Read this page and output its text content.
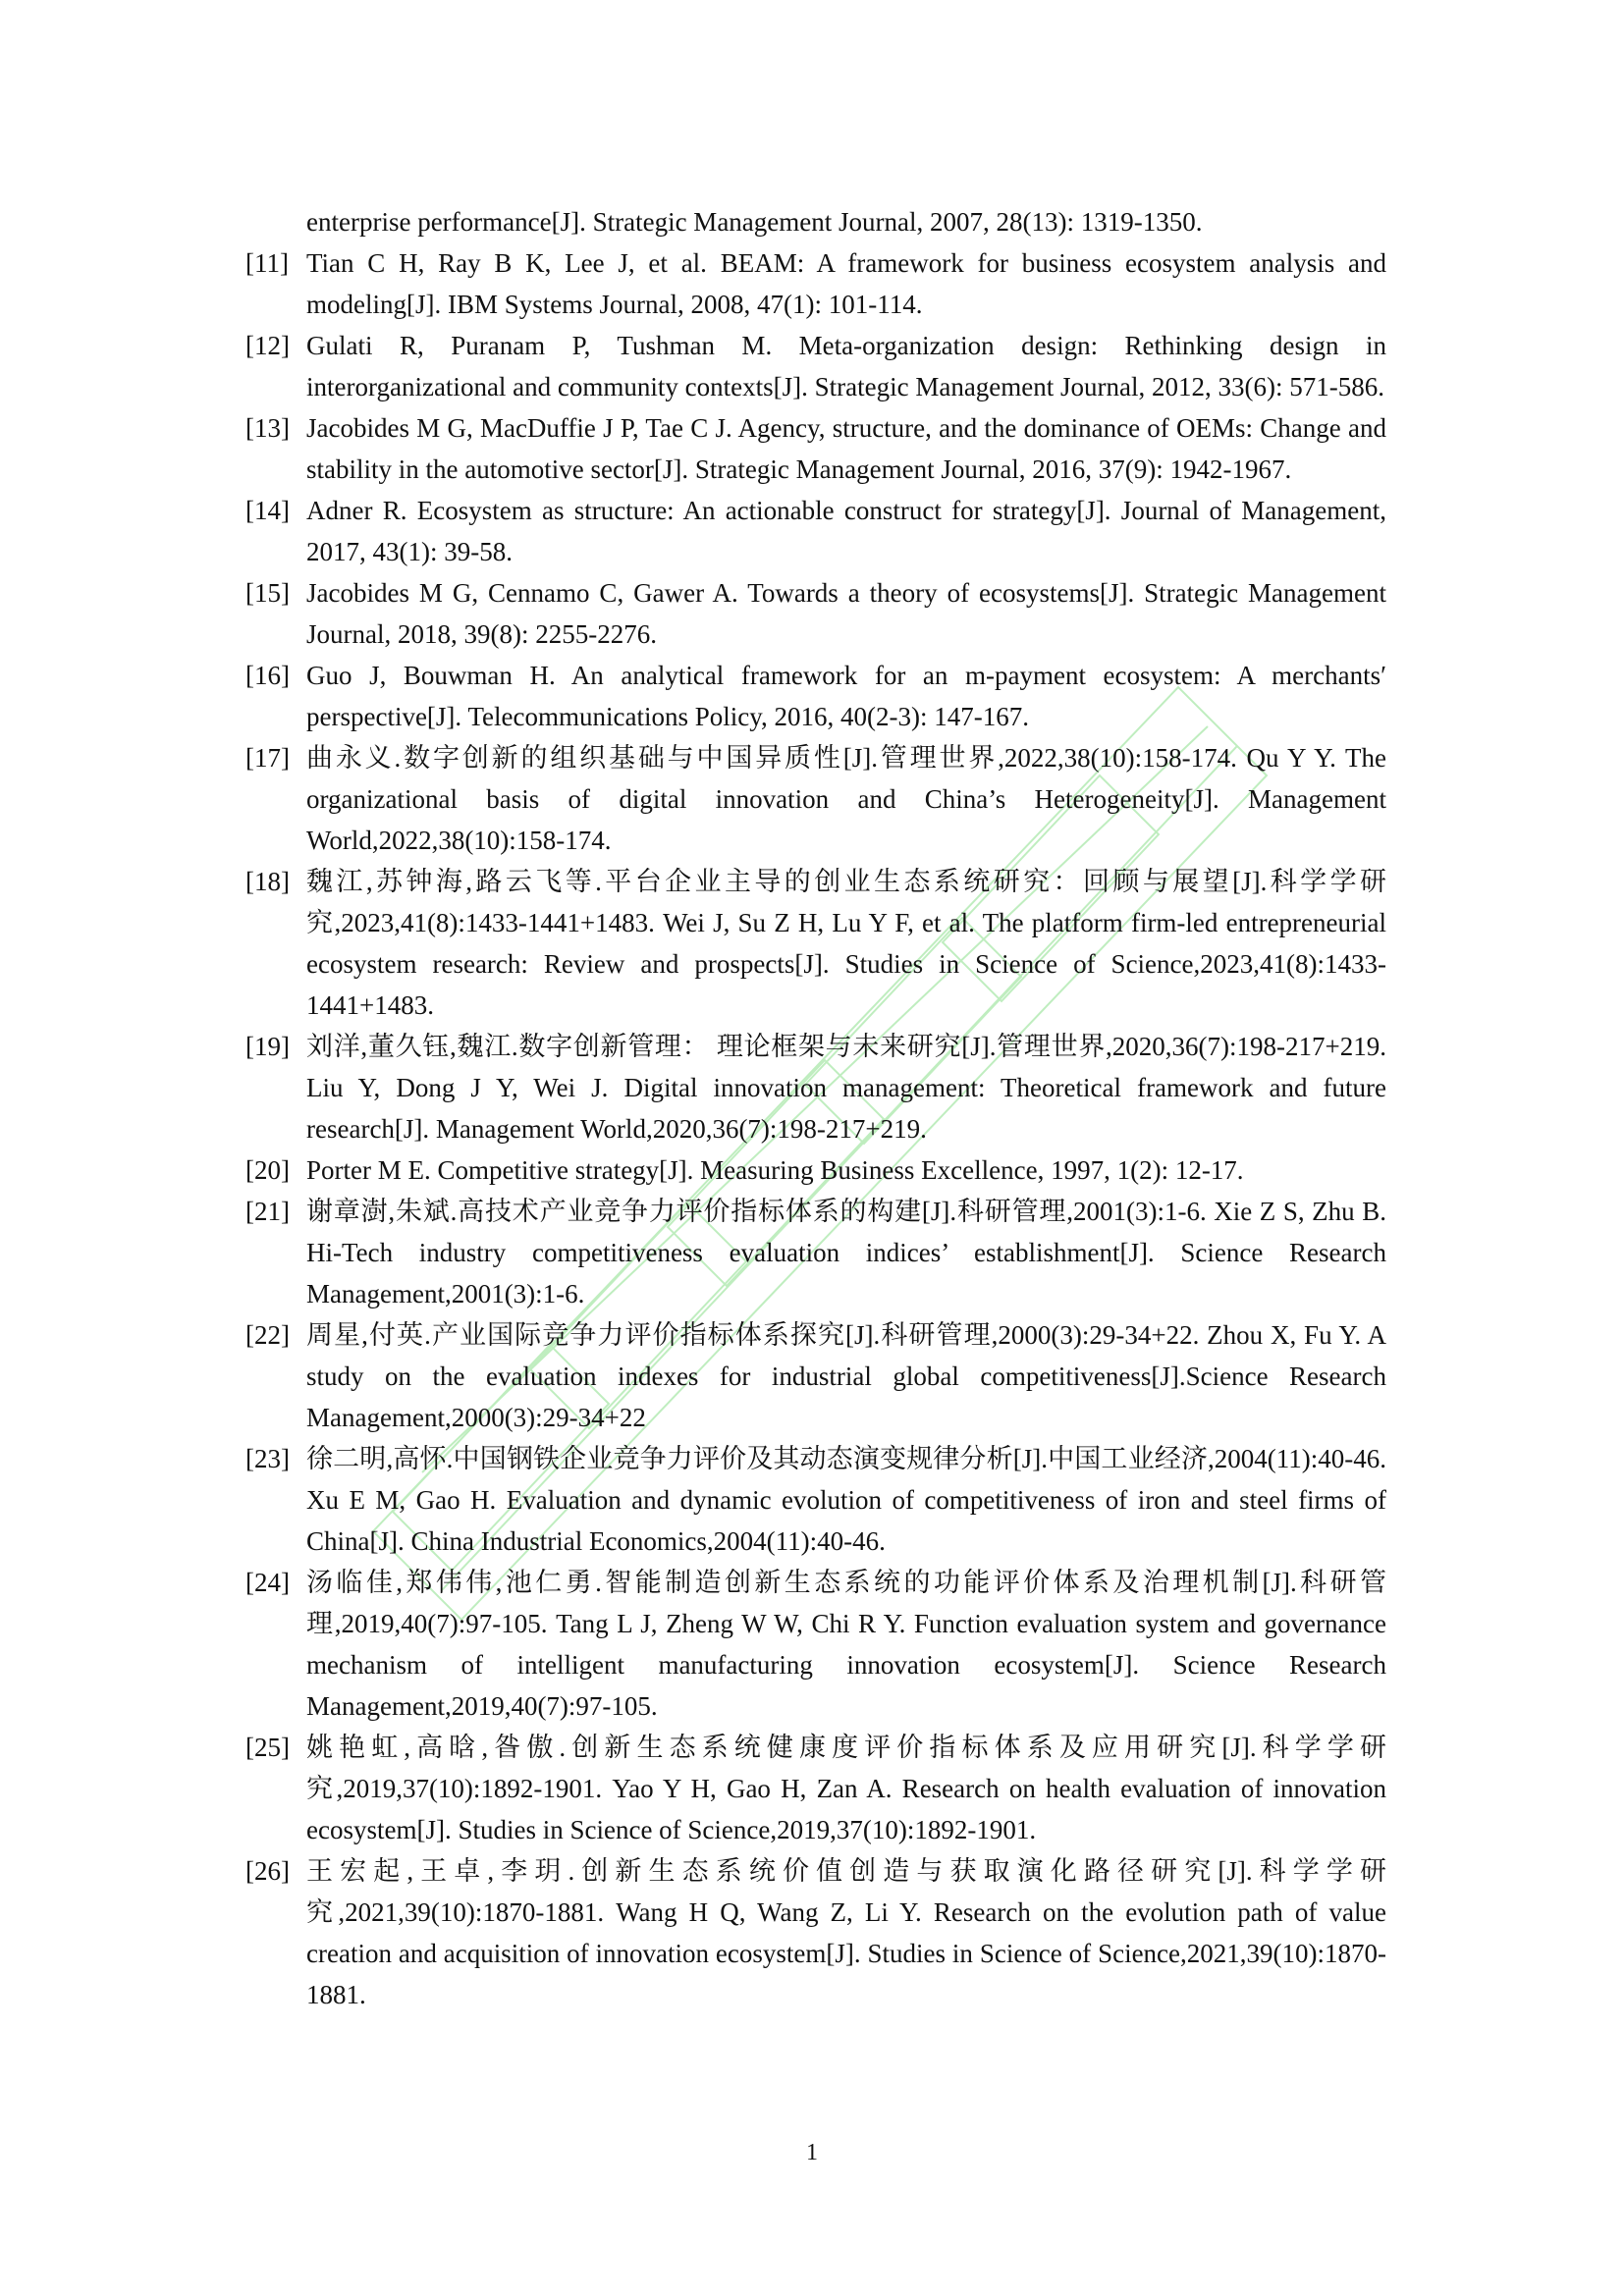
enterprise performance[J]. Strategic Management Journal, 2007, 28(13): 1319-1350.
[11] Tian C H, Ray B K, Lee J, et al. BEAM: A framework for business ecosystem analysis and modeling[J]. IBM Systems Journal, 2008, 47(1): 101-114.
[12] Gulati R, Puranam P, Tushman M. Meta-organization design: Rethinking design in interorganizational and community contexts[J]. Strategic Management Journal, 2012, 33(6): 571-586.
[13] Jacobides M G, MacDuffie J P, Tae C J. Agency, structure, and the dominance of OEMs: Change and stability in the automotive sector[J]. Strategic Management Journal, 2016, 37(9): 1942-1967.
[14] Adner R. Ecosystem as structure: An actionable construct for strategy[J]. Journal of Management, 2017, 43(1): 39-58.
[15] Jacobides M G, Cennamo C, Gawer A. Towards a theory of ecosystems[J]. Strategic Management Journal, 2018, 39(8): 2255-2276.
[16] Guo J, Bouwman H. An analytical framework for an m-payment ecosystem: A merchants′ perspective[J]. Telecommunications Policy, 2016, 40(2-3): 147-167.
[17] 曲永义.数字创新的组织基础与中国异质性[J].管理世界,2022,38(10):158-174. Qu Y Y. The organizational basis of digital innovation and China’s Heterogeneity[J]. Management World,2022,38(10):158-174.
[18] 魏江,苏钟海,路云飞等.平台企业主导的创业生态系统研究：回顾与展望[J].科学学研究,2023,41(8):1433-1441+1483. Wei J, Su Z H, Lu Y F, et al. The platform firm-led entrepreneurial ecosystem research: Review and prospects[J]. Studies in Science of Science,2023,41(8):1433-1441+1483.
[19] 刘洋,董久钰,魏江.数字创新管理： 理论框架与未来研究[J].管理世界,2020,36(7):198-217+219. Liu Y, Dong J Y, Wei J. Digital innovation management: Theoretical framework and future research[J]. Management World,2020,36(7):198-217+219.
[20] Porter M E. Competitive strategy[J]. Measuring Business Excellence, 1997, 1(2): 12-17.
[21] 谢章澍,朱斌.高技术产业竞争力评价指标体系的构建[J].科研管理,2001(3):1-6. Xie Z S, Zhu B. Hi-Tech industry competitiveness evaluation indices’ establishment[J]. Science Research Management,2001(3):1-6.
[22] 周星,付英.产业国际竞争力评价指标体系探究[J].科研管理,2000(3):29-34+22. Zhou X, Fu Y. A study on the evaluation indexes for industrial global competitiveness[J].Science Research Management,2000(3):29-34+22
[23] 徐二明,高怀.中国钢铁企业竞争力评价及其动态演变规律分析[J].中国工业经济,2004(11):40-46. Xu E M, Gao H. Evaluation and dynamic evolution of competitiveness of iron and steel firms of China[J]. China Industrial Economics,2004(11):40-46.
[24] 汤临佳,郑伟伟,池仁勇.智能制造创新生态系统的功能评价体系及治理机制[J].科研管理,2019,40(7):97-105. Tang L J, Zheng W W, Chi R Y. Function evaluation system and governance mechanism of intelligent manufacturing innovation ecosystem[J]. Science Research Management,2019,40(7):97-105.
[25] 姚艳虹,高晗,昝傲.创新生态系统健康度评价指标体系及应用研究[J].科学学研究,2019,37(10):1892-1901. Yao Y H, Gao H, Zan A. Research on health evaluation of innovation ecosystem[J]. Studies in Science of Science,2019,37(10):1892-1901.
[26] 王宏起,王卓,李玥.创新生态系统价值创造与获取演化路径研究[J].科学学研究,2021,39(10):1870-1881. Wang H Q, Wang Z, Li Y. Research on the evolution path of value creation and acquisition of innovation ecosystem[J]. Studies in Science of Science,2021,39(10):1870-1881.
1
